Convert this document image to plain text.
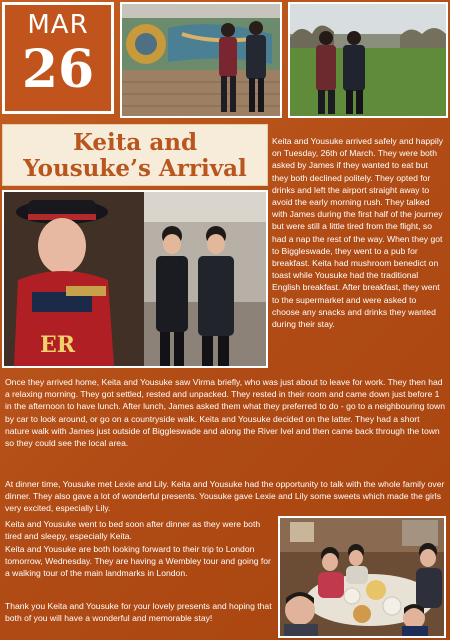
MAR
26
Keita and
Yousuke’s Arrival
ER

Keita and Yousuke arrived safely and happily on Tuesday, 26th of March. They were both asked by James if they wanted to eat but they both declined politely. They opted for drinks and left the airport straight away to avoid the early morning rush. They talked with James during the first half of the journey but were still a little tired from the flight, so had a nap the rest of the way. When they got to Biggleswade, they went to a pub for breakfast. Keita had mushroom benedict on toast while Yousuke had the traditional English breakfast. After breakfast, they went to the supermarket and were asked to choose any snacks and drinks they wanted during their stay.

Once they arrived home, Keita and Yousuke saw Virma briefly, who was just about to leave for work. They then had a relaxing morning. They got settled, rested and unpacked. They rested in their room and came down just before 1 in the afternoon to have lunch. After lunch, James asked them what they preferred to do - go to a neighbouring town by car to look around, or go on a countryside walk. Keita and Yousuke decided on the latter. They had a short nature walk with James just outside of Biggleswade and along the River Ivel and then came back through the town so they could see the local area.

At dinner time, Yousuke met Lexie and Lily. Keita and Yousuke had the opportunity to talk with the whole family over dinner. They also gave a lot of wonderful presents. Yousuke gave Lexie and Lily some sweets which made the girls very excited, especially Lily.

Keita and Yousuke went to bed soon after dinner as they were both tired and sleepy, especially Keita.

Keita and Yousuke are both looking forward to their trip to London tomorrow, Wednesday. They are having a Wembley tour and going for a walking tour of the main landmarks in London.

Thank you Keita and Yousuke for your lovely presents and hoping that both of you will have a wonderful and memorable stay!
